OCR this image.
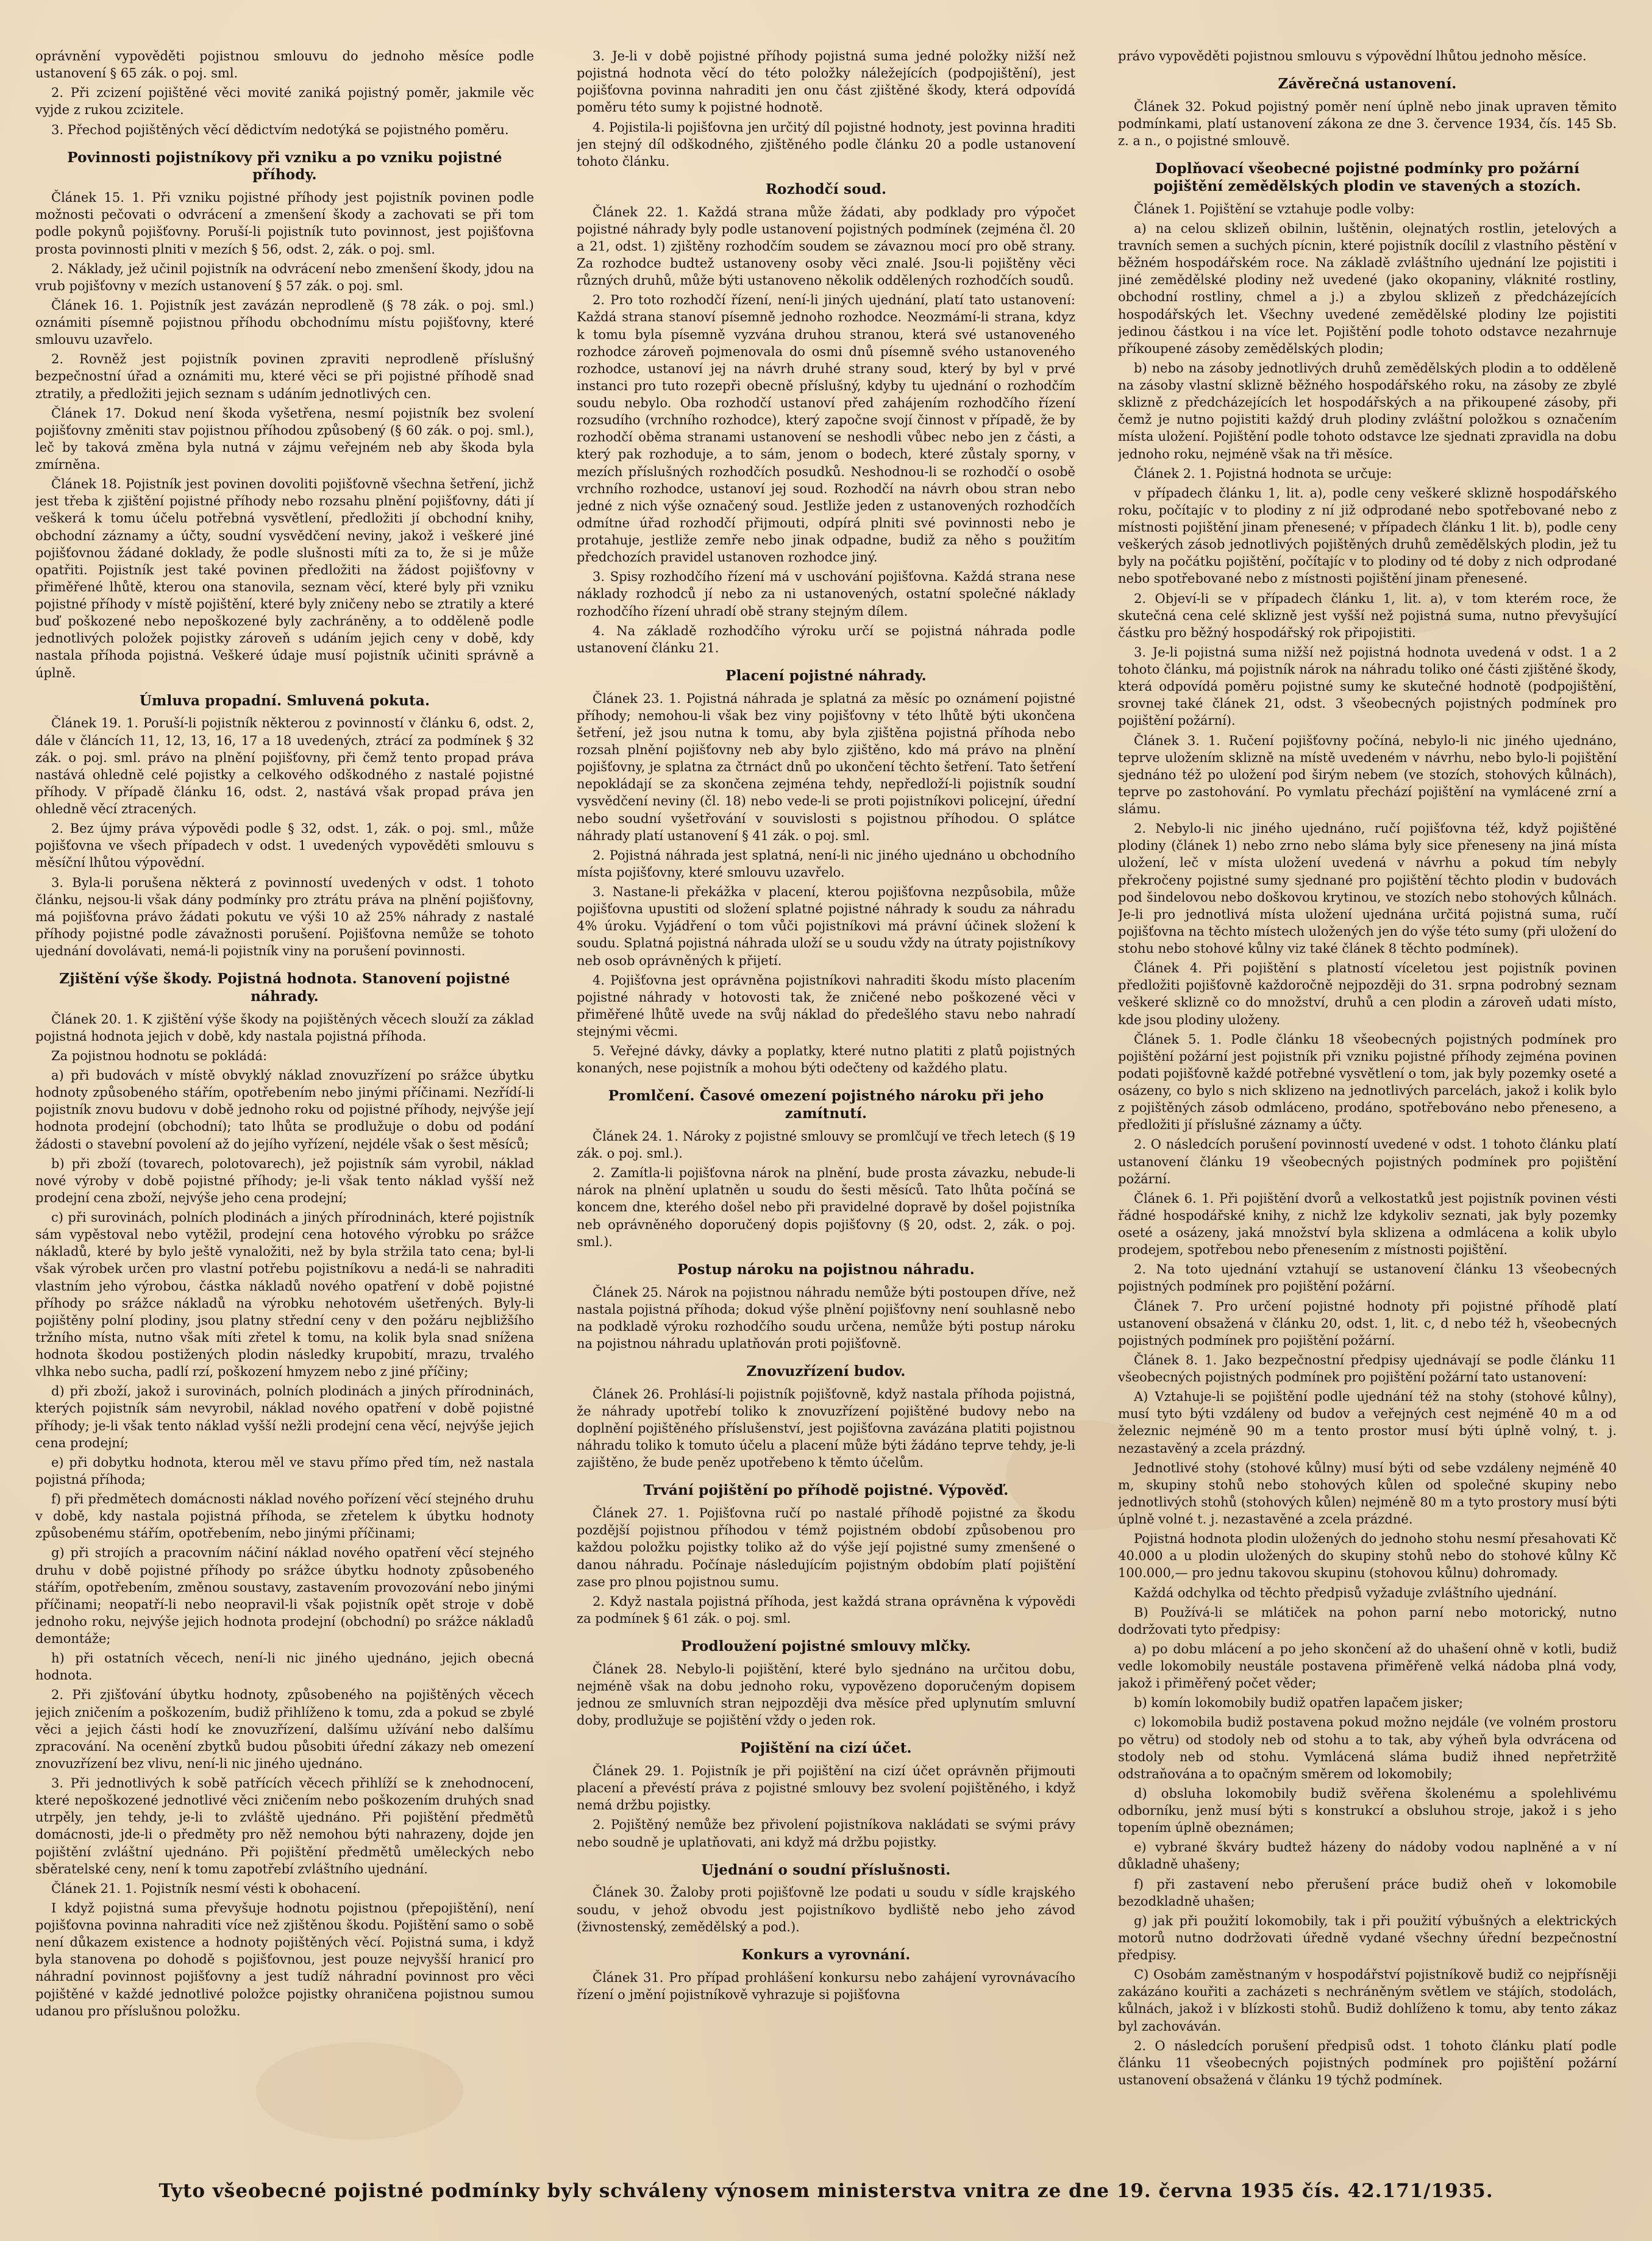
oprávnění vypověděti pojistnou smlouvu do jednoho měsíce podle ustanovení § 65 zák. o poj. sml.

2. Při zcizení pojištěné věci movité zaniká pojistný poměr, jakmile věc vyjde z rukou zcizitele.

3. Přechod pojištěných věcí dědictvím nedotýká se pojistného poměru.

Povinnosti pojistníkovy při vzniku a po vzniku pojistné příhody.

Článek 15. 1. Při vzniku pojistné příhody jest pojistník povinen podle možnosti pečovati o odvrácení a zmenšení škody a zachovati se při tom podle pokynů pojišťovny. Poruší-li pojistník tuto povinnost, jest pojišťovna prosta povinnosti plniti v mezích § 56, odst. 2, zák. o poj. sml.

2. Náklady, jež učinil pojistník na odvrácení nebo zmenšení škody, jdou na vrub pojišťovny v mezích ustanovení § 57 zák. o poj. sml.

Článek 16. 1. Pojistník jest zavázán neprodleně (§ 78 zák. o poj. sml.) oznámiti písemně pojistnou příhodu obchodnímu místu pojišťovny, které smlouvu uzavřelo.

2. Rovněž jest pojistník povinen zpraviti neprodleně příslušný bezpečnostní úřad a oznámiti mu, které věci se při pojistné příhodě snad ztratily, a předložiti jejich seznam s udáním jednotlivých cen.

Článek 17. Dokud není škoda vyšetřena, nesmí pojistník bez svolení pojišťovny změniti stav pojistnou příhodou způsobený (§ 60 zák. o poj. sml.), leč by taková změna byla nutná v zájmu veřejném neb aby škoda byla zmírněna.

Článek 18. Pojistník jest povinen dovoliti pojišťovně všechna šetření, jichž jest třeba k zjištění pojistné příhody nebo rozsahu plnění pojišťovny, dáti jí veškerá k tomu účelu potřebná vysvětlení, předložiti jí obchodní knihy, obchodní záznamy a účty, soudní vysvědčení neviny, jakož i veškeré jiné pojišťovnou žádané doklady, že podle slušnosti míti za to, že si je může opatřiti. Pojistník jest také povinen předložiti na žádost pojišťovny v přiměřené lhůtě, kterou ona stanovila, seznam věcí, které byly při vzniku pojistné příhody v místě pojištění, které byly zničeny nebo se ztratily a které buď poškozené nebo nepoškozené byly zachráněny, a to odděleně podle jednotlivých položek pojistky zároveň s udáním jejich ceny v době, kdy nastala příhoda pojistná. Veškeré údaje musí pojistník učiniti správně a úplně.

Úmluva propadní. Smluvená pokuta.

Článek 19. 1. Poruší-li pojistník některou z povinností v článku 6, odst. 2, dále v článcích 11, 12, 13, 16, 17 a 18 uvedených, ztrácí za podmínek § 32 zák. o poj. sml. právo na plnění pojišťovny, při čemž tento propad práva nastává ohledně celé pojistky a celkového odškodného z nastalé pojistné příhody. V případě článku 16, odst. 2, nastává však propad práva jen ohledně věcí ztracených.

2. Bez újmy práva výpovědi podle § 32, odst. 1, zák. o poj. sml., může pojišťovna ve všech případech v odst. 1 uvedených vypověděti smlouvu s měsíční lhůtou výpovědní.

3. Byla-li porušena některá z povinností uvedených v odst. 1 tohoto článku, nejsou-li však dány podmínky pro ztrátu práva na plnění pojišťovny, má pojišťovna právo žádati pokutu ve výši 10 až 25% náhrady z nastalé příhody pojistné podle závažnosti porušení. Pojišťovna nemůže se tohoto ujednání dovolávati, nemá-li pojistník viny na porušení povinnosti.

Zjištění výše škody. Pojistná hodnota. Stanovení pojistné náhrady.

Článek 20. 1. K zjištění výše škody na pojištěných věcech slouží za základ pojistná hodnota jejich v době, kdy nastala pojistná příhoda.

Za pojistnou hodnotu se pokládá:

a) při budovách v místě obvyklý náklad znovuzřízení po srážce úbytku hodnoty způsobeného stářím, opotřebením nebo jinými příčinami. Nezřídí-li pojistník znovu budovu v době jednoho roku od pojistné příhody, nejvýše její hodnota prodejní (obchodní); tato lhůta se prodlužuje o dobu od podání žádosti o stavební povolení až do jejího vyřízení, nejdéle však o šest měsíců;

b) při zboží (tovarech, polotovarech), jež pojistník sám vyrobil, náklad nové výroby v době pojistné příhody; je-li však tento náklad vyšší než prodejní cena zboží, nejvýše jeho cena prodejní;

c) při surovinách, polních plodinách a jiných přírodninách, které pojistník sám vypěstoval nebo vytěžil, prodejní cena hotového výrobku po srážce nákladů, které by bylo ještě vynaložiti, než by byla stržila tato cena; byl-li však výrobek určen pro vlastní potřebu pojistníkovu a nedá-li se nahraditi vlastním jeho výrobou, částka nákladů nového opatření v době pojistné příhody po srážce nákladů na výrobku nehotovém ušetřených. Byly-li pojištěny polní plodiny, jsou platny střední ceny v den požáru nejbližšího tržního místa, nutno však míti zřetel k tomu, na kolik byla snad snížena hodnota škodou postižených plodin následky krupobití, mrazu, trvalého vlhka nebo sucha, padlí rzí, poškození hmyzem nebo z jiné příčiny;

d) při zboží, jakož i surovinách, polních plodinách a jiných přírodninách, kterých pojistník sám nevyrobil, náklad nového opatření v době pojistné příhody; je-li však tento náklad vyšší nežli prodejní cena věcí, nejvýše jejich cena prodejní;

e) při dobytku hodnota, kterou měl ve stavu přímo před tím, než nastala pojistná příhoda;

f) při předmětech domácnosti náklad nového pořízení věcí stejného druhu v době, kdy nastala pojistná příhoda, se zřetelem k úbytku hodnoty způsobenému stářím, opotřebením, nebo jinými příčinami;

g) při strojích a pracovním náčiní náklad nového opatření věcí stejného druhu v době pojistné příhody po srážce úbytku hodnoty způsobeného stářím, opotřebením, změnou soustavy, zastavením provozování nebo jinými příčinami; neopatří-li nebo neopravil-li však pojistník opět stroje v době jednoho roku, nejvýše jejich hodnota prodejní (obchodní) po srážce nákladů demontáže;

h) při ostatních věcech, není-li nic jiného ujednáno, jejich obecná hodnota.

2. Při zjišťování úbytku hodnoty, způsobeného na pojištěných věcech jejich zničením a poškozením, budiž přihlíženo k tomu, zda a pokud se zbylé věci a jejich části hodí ke znovuzřízení, dalšímu užívání nebo dalšímu zpracování. Na ocenění zbytků budou působiti úřední zákazy neb omezení znovuzřízení bez vlivu, není-li nic jiného ujednáno.

3. Při jednotlivých k sobě patřících věcech přihlíží se k znehodnocení, které nepoškozené jednotlivé věci zničením nebo poškozením druhých snad utrpěly, jen tehdy, je-li to zvláště ujednáno. Při pojištění předmětů domácnosti, jde-li o předměty pro něž nemohou býti nahrazeny, dojde jen pojištění zvláštní ujednáno. Při pojištění předmětů uměleckých nebo sběratelské ceny, není k tomu zapotřebí zvláštního ujednání.

Článek 21. 1. Pojistník nesmí vésti k obohacení.

I když pojistná suma převyšuje hodnotu pojistnou (přepojištění), není pojišťovna povinna nahraditi více než zjištěnou škodu. Pojištění samo o sobě není důkazem existence a hodnoty pojištěných věcí. Pojistná suma, i když byla stanovena po dohodě s pojišťovnou, jest pouze nejvyšší hranicí pro náhradní povinnost pojišťovny a jest tudíž náhradní povinnost pro věci pojištěné v každé jednotlivé položce pojistky ohraničena pojistnou sumou udanou pro příslušnou položku.

3. Je-li v době pojistné příhody pojistná suma jedné položky nižší než pojistná hodnota věcí do této položky náležejících (podpojištění), jest pojišťovna povinna nahraditi jen onu část zjištěné škody, která odpovídá poměru této sumy k pojistné hodnotě.

4. Pojistila-li pojišťovna jen určitý díl pojistné hodnoty, jest povinna hraditi jen stejný díl odškodného, zjištěného podle článku 20 a podle ustanovení tohoto článku.

Rozhodčí soud.

Článek 22. 1. Každá strana může žádati, aby podklady pro výpočet pojistné náhrady byly podle ustanovení pojistných podmínek (zejména čl. 20 a 21, odst. 1) zjištěny rozhodčím soudem se závaznou mocí pro obě strany. Za rozhodce budtež ustanoveny osoby věci znalé. Jsou-li pojištěny věci různých druhů, může býti ustanoveno několik oddělených rozhodčích soudů.

2. Pro toto rozhodčí řízení, není-li jiných ujednání, platí tato ustanovení: Každá strana stanoví písemně jednoho rozhodce. Neozmámí-li strana, kdyz k tomu byla písemně vyzvána druhou stranou, která své ustanoveného rozhodce zároveň pojmenovala do osmi dnů písemně svého ustanoveného rozhodce, ustanoví jej na návrh druhé strany soud, který by byl v prvé instanci pro tuto rozepři obecně příslušný, kdyby tu ujednání o rozhodčím soudu nebylo. Oba rozhodčí ustanoví před zahájením rozhodčího řízení rozsudího (vrchního rozhodce), který započne svojí činnost v případě, že by rozhodčí oběma stranami ustanovení se neshodli vůbec nebo jen z části, a který pak rozhoduje, a to sám, jenom o bodech, které zůstaly sporny, v mezích příslušných rozhodčích posudků. Neshodnou-li se rozhodčí o osobě vrchního rozhodce, ustanoví jej soud. Rozhodčí na návrh obou stran nebo jedné z nich výše označený soud. Jestliže jeden z ustanovených rozhodčích odmítne úřad rozhodčí přijmouti, odpírá plniti své povinnosti nebo je protahuje, jestliže zemře nebo jinak odpadne, budiž za něho s použitím předchozích pravidel ustanoven rozhodce jiný.

3. Spisy rozhodčího řízení má v uschování pojišťovna. Každá strana nese náklady rozhodců jí nebo za ni ustanovených, ostatní společné náklady rozhodčího řízení uhradí obě strany stejným dílem.

4. Na základě rozhodčího výroku určí se pojistná náhrada podle ustanovení článku 21.

Placení pojistné náhrady.

Článek 23. 1. Pojistná náhrada je splatná za měsíc po oznámení pojistné příhody; nemohou-li však bez viny pojišťovny v této lhůtě býti ukončena šetření, jež jsou nutna k tomu, aby byla zjištěna pojistná příhoda nebo rozsah plnění pojišťovny neb aby bylo zjištěno, kdo má právo na plnění pojišťovny, je splatna za čtrnáct dnů po ukončení těchto šetření. Tato šetření nepokládají se za skončena zejména tehdy, nepředloží-li pojistník soudní vysvědčení neviny (čl. 18) nebo vede-li se proti pojistníkovi policejní, úřední nebo soudní vyšetřování v souvislosti s pojistnou příhodou. O splátce náhrady platí ustanovení § 41 zák. o poj. sml.

2. Pojistná náhrada jest splatná, není-li nic jiného ujednáno u obchodního místa pojišťovny, které smlouvu uzavřelo.

3. Nastane-li překážka v placení, kterou pojišťovna nezpůsobila, může pojišťovna upustiti od složení splatné pojistné náhrady k soudu za náhradu 4% úroku. Vyjádření o tom vůči pojistníkovi má právní účinek složení k soudu. Splatná pojistná náhrada uloží se u soudu vždy na útraty pojistníkovy neb osob oprávněných k přijetí.

4. Pojišťovna jest oprávněna pojistníkovi nahraditi škodu místo placením pojistné náhrady v hotovosti tak, že zničené nebo poškozené věci v přiměřené lhůtě uvede na svůj náklad do předešlého stavu nebo nahradí stejnými věcmi.

5. Veřejné dávky, dávky a poplatky, které nutno platiti z platů pojistných konaných, nese pojistník a mohou býti odečteny od každého platu.

Promlčení. Časové omezení pojistného nároku při jeho zamítnutí.

Článek 24. 1. Nároky z pojistné smlouvy se promlčují ve třech letech (§ 19 zák. o poj. sml.).

2. Zamítla-li pojišťovna nárok na plnění, bude prosta závazku, nebude-li nárok na plnění uplatněn u soudu do šesti měsíců. Tato lhůta počíná se koncem dne, kterého došel nebo při pravidelné dopravě by došel pojistníka neb oprávněného doporučený dopis pojišťovny (§ 20, odst. 2, zák. o poj. sml.).

Postup nároku na pojistnou náhradu.

Článek 25. Nárok na pojistnou náhradu nemůže býti postoupen dříve, než nastala pojistná příhoda; dokud výše plnění pojišťovny není souhlasně nebo na podkladě výroku rozhodčího soudu určena, nemůže býti postup nároku na pojistnou náhradu uplatňován proti pojišťovně.

Znovuzřízení budov.

Článek 26. Prohlásí-li pojistník pojišťovně, když nastala příhoda pojistná, že náhrady upotřebí toliko k znovuzřízení pojištěné budovy nebo na doplnění pojištěného příslušenství, jest pojišťovna zavázána platiti pojistnou náhradu toliko k tomuto účelu a placení může býti žádáno teprve tehdy, je-li zajištěno, že bude peněz upotřebeno k těmto účelům.

Trvání pojištění po příhodě pojistné. Výpověď.

Článek 27. 1. Pojišťovna ručí po nastalé příhodě pojistné za škodu pozdější pojistnou příhodou v témž pojistném období způsobenou pro každou položku pojistky toliko až do výše její pojistné sumy zmenšené o danou náhradu. Počínaje následujícím pojistným obdobím platí pojištění zase pro plnou pojistnou sumu.

2. Když nastala pojistná příhoda, jest každá strana oprávněna k výpovědi za podmínek § 61 zák. o poj. sml.

Prodloužení pojistné smlouvy mlčky.

Článek 28. Nebylo-li pojištění, které bylo sjednáno na určitou dobu, nejméně však na dobu jednoho roku, vypovězeno doporučeným dopisem jednou ze smluvních stran nejpozději dva měsíce před uplynutím smluvní doby, prodlužuje se pojištění vždy o jeden rok.

Pojištění na cizí účet.

Článek 29. 1. Pojistník je při pojištění na cizí účet oprávněn přijmouti placení a převéstí práva z pojistné smlouvy bez svolení pojištěného, i když nemá držbu pojistky.

2. Pojištěný nemůže bez přivolení pojistníkova nakládati se svými právy nebo soudně je uplatňovati, ani když má držbu pojistky.

Ujednání o soudní příslušnosti.

Článek 30. Žaloby proti pojišťovně lze podati u soudu v sídle krajského soudu, v jehož obvodu jest pojistníkovo bydliště nebo jeho závod (živnostenský, zemědělský a pod.).

Konkurs a vyrovnání.

Článek 31. Pro případ prohlášení konkursu nebo zahájení vyrovnávacího řízení o jmění pojistníkově vyhrazuje si pojišťovna

právo vypověděti pojistnou smlouvu s výpovědní lhůtou jednoho měsíce.

Závěrečná ustanovení.

Článek 32. Pokud pojistný poměr není úplně nebo jinak upraven těmito podmínkami, platí ustanovení zákona ze dne 3. července 1934, čís. 145 Sb. z. a n., o pojistné smlouvě.

Doplňovací všeobecné pojistné podmínky pro požární pojištění zemědělských plodin ve stavených a stozích.

Článek 1. Pojištění se vztahuje podle volby:

a) na celou sklizeň obilnin, luštěnin, olejnatých rostlin, jetelových a travních semen a suchých pícnin, které pojistník docílil z vlastního pěstění v běžném hospodářském roce. Na základě zvláštního ujednání lze pojistiti i jiné zemědělské plodiny než uvedené (jako okopaniny, vláknité rostliny, obchodní rostliny, chmel a j.) a zbylou sklizeň z předcházejících hospodářských let. Všechny uvedené zemědělské plodiny lze pojistiti jedinou částkou i na více let. Pojištění podle tohoto odstavce nezahrnuje příkoupené zásoby zemědělských plodin;

b) nebo na zásoby jednotlivých druhů zemědělských plodin a to odděleně na zásoby vlastní sklizně běžného hospodářského roku, na zásoby ze zbylé sklizně z předcházejících let hospodářských a na přikoupené zásoby, při čemž je nutno pojistiti každý druh plodiny zvláštní položkou s označením místa uložení. Pojištění podle tohoto odstavce lze sjednati zpravidla na dobu jednoho roku, nejméně však na tři měsíce.

Článek 2. 1. Pojistná hodnota se určuje:

v případech článku 1, lit. a), podle ceny veškeré sklizně hospodářského roku, počítajíc v to plodiny z ní již odprodané nebo spotřebované nebo z místnosti pojištění jinam přenesené; v případech článku 1 lit. b), podle ceny veškerých zásob jednotlivých pojištěných druhů zemědělských plodin, jež tu byly na počátku pojištění, počítajíc v to plodiny od té doby z nich odprodané nebo spotřebované nebo z místnosti pojištění jinam přenesené.

2. Objeví-li se v případech článku 1, lit. a), v tom kterém roce, že skutečná cena celé sklizně jest vyšší než pojistná suma, nutno převyšující částku pro běžný hospodářský rok připojistiti.

3. Je-li pojistná suma nižší než pojistná hodnota uvedená v odst. 1 a 2 tohoto článku, má pojistník nárok na náhradu toliko oné části zjištěné škody, která odpovídá poměru pojistné sumy ke skutečné hodnotě (podpojištění, srovnej také článek 21, odst. 3 všeobecných pojistných podmínek pro pojištění požární).

Článek 3. 1. Ručení pojišťovny počíná, nebylo-li nic jiného ujednáno, teprve uložením sklizně na místě uvedeném v návrhu, nebo bylo-li pojištění sjednáno též po uložení pod širým nebem (ve stozích, stohových kůlnách), teprve po zastohování. Po vymlatu přechází pojištění na vymlácené zrní a slámu.

2. Nebylo-li nic jiného ujednáno, ručí pojišťovna též, když pojištěné plodiny (článek 1) nebo zrno nebo sláma byly sice přeneseny na jiná místa uložení, leč v místa uložení uvedená v návrhu a pokud tím nebyly překročeny pojistné sumy sjednané pro pojištění těchto plodin v budovách pod šindelovou nebo doškovou krytinou, ve stozích nebo stohových kůlnách. Je-li pro jednotlivá místa uložení ujednána určitá pojistná suma, ručí pojišťovna na těchto místech uložených jen do výše této sumy (při uložení do stohu nebo stohové kůlny viz také článek 8 těchto podmínek).

Článek 4. Při pojištění s platností víceletou jest pojistník povinen předložiti pojišťovně každoročně nejpozději do 31. srpna podrobný seznam veškeré sklizně co do množství, druhů a cen plodin a zároveň udati místo, kde jsou plodiny uloženy.

Článek 5. 1. Podle článku 18 všeobecných pojistných podmínek pro pojištění požární jest pojistník při vzniku pojistné příhody zejména povinen podati pojišťovně každé potřebné vysvětlení o tom, jak byly pozemky oseté a osázeny, co bylo s nich sklizeno na jednotlivých parcelách, jakož i kolik bylo z pojištěných zásob odmláceno, prodáno, spotřebováno nebo přeneseno, a předložiti jí příslušné záznamy a účty.

2. O následcích porušení povinností uvedené v odst. 1 tohoto článku platí ustanovení článku 19 všeobecných pojistných podmínek pro pojištění požární.

Článek 6. 1. Při pojištění dvorů a velkostatků jest pojistník povinen vésti řádné hospodářské knihy, z nichž lze kdykoliv seznati, jak byly pozemky oseté a osázeny, jaká množství byla sklizena a odmlácena a kolik ubylo prodejem, spotřebou nebo přenesením z místnosti pojištění.

2. Na toto ujednání vztahují se ustanovení článku 13 všeobecných pojistných podmínek pro pojištění požární.

Článek 7. Pro určení pojistné hodnoty při pojistné příhodě platí ustanovení obsažená v článku 20, odst. 1, lit. c, d nebo též h, všeobecných pojistných podmínek pro pojištění požární.

Článek 8. 1. Jako bezpečnostní předpisy ujednávají se podle článku 11 všeobecných pojistných podmínek pro pojištění požární tato ustanovení:

A) Vztahuje-li se pojištění podle ujednání též na stohy (stohové kůlny), musí tyto býti vzdáleny od budov a veřejných cest nejméně 40 m a od železnic nejméně 90 m a tento prostor musí býti úplně volný, t. j. nezastavěný a zcela prázdný.

Jednotlivé stohy (stohové kůlny) musí býti od sebe vzdáleny nejméně 40 m, skupiny stohů nebo stohových kůlen od společné skupiny nebo jednotlivých stohů (stohových kůlen) nejméně 80 m a tyto prostory musí býti úplně volné t. j. nezastavěné a zcela prázdné.

Pojistná hodnota plodin uložených do jednoho stohu nesmí přesahovati Kč 40.000 a u plodin uložených do skupiny stohů nebo do stohové kůlny Kč 100.000,— pro jednu takovou skupinu (stohovou kůlnu) dohromady.

Každá odchylka od těchto předpisů vyžaduje zvláštního ujednání.

B) Používá-li se mlátiček na pohon parní nebo motorický, nutno dodržovati tyto předpisy:

a) po dobu mlácení a po jeho skončení až do uhašení ohně v kotli, budiž vedle lokomobily neustále postavena přiměřeně velká nádoba plná vody, jakož i přiměřený počet věder;

b) komín lokomobily budiž opatřen lapačem jisker;

c) lokomobila budiž postavena pokud možno nejdále (ve volném prostoru po větru) od stodoly neb od stohu a to tak, aby výheň byla odvrácena od stodoly neb od stohu. Vymlácená sláma budiž ihned nepřetržitě odstraňována a to opačným směrem od lokomobily;

d) obsluha lokomobily budiž svěřena školenému a spolehlivému odborníku, jenž musí býti s konstrukcí a obsluhou stroje, jakož i s jeho topením úplně obeznámen;

e) vybrané škváry budtež házeny do nádoby vodou naplněné a v ní důkladně uhašeny;

f) při zastavení nebo přerušení práce budiž oheň v lokomobile bezodkladně uhašen;

g) jak při použití lokomobily, tak i při použití výbušných a elektrických motorů nutno dodržovati úředně vydané všechny úřední bezpečnostní předpisy.

C) Osobám zaměstnaným v hospodářství pojistníkově budiž co nejpřísněji zakázáno kouřiti a zacházeti s nechráněným světlem ve stájích, stodolách, kůlnách, jakož i v blízkosti stohů. Budiž dohlíženo k tomu, aby tento zákaz byl zachováván.

2. O následcích porušení předpisů odst. 1 tohoto článku platí podle článku 11 všeobecných pojistných podmínek pro pojištění požární ustanovení obsažená v článku 19 týchž podmínek.

Tyto všeobecné pojistné podmínky byly schváleny výnosem ministerstva vnitra ze dne 19. června 1935 čís. 42.171/1935.
